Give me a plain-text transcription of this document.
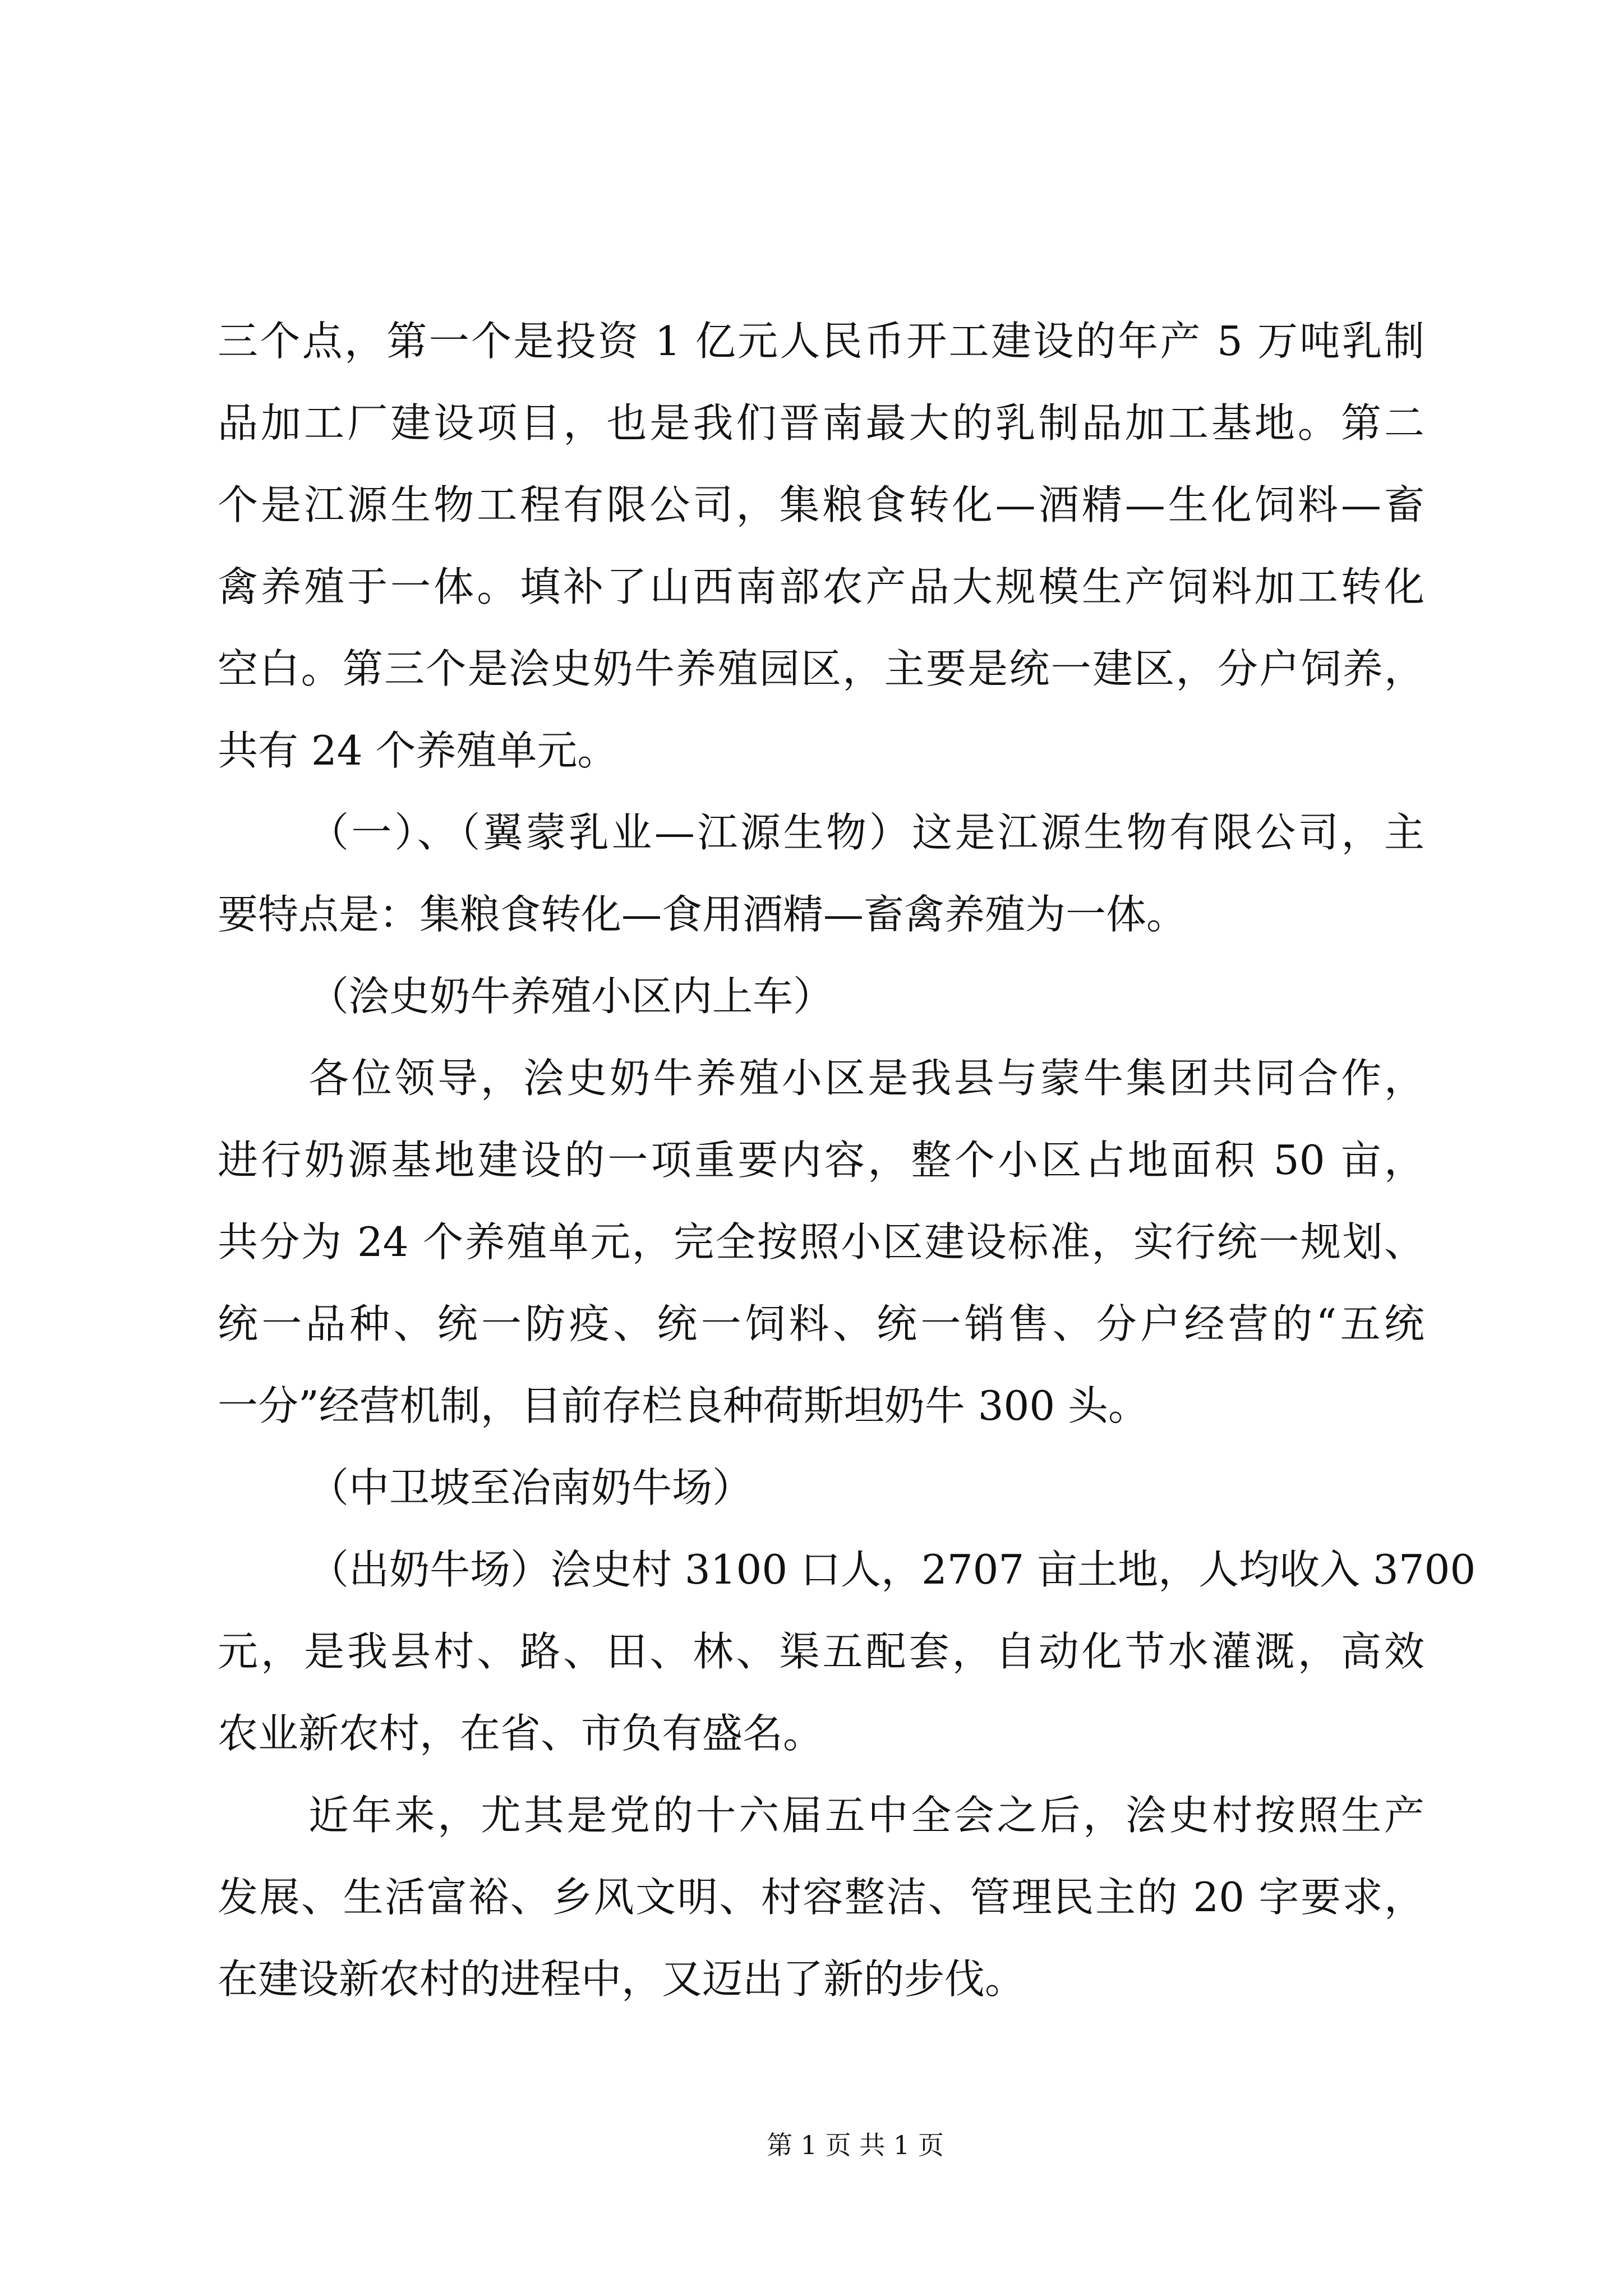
三个点，第一个是投资 1 亿元人民币开工建设的年产 5 万吨乳制
品加工厂建设项目，也是我们晋南最大的乳制品加工基地。第二
个是江源生物工程有限公司，集粮食转化—酒精—生化饲料—畜
禽养殖于一体。填补了山西南部农产品大规模生产饲料加工转化
空白。第三个是浍史奶牛养殖园区，主要是统一建区，分户饲养，
共有 24 个养殖单元。
（一）、（翼蒙乳业—江源生物）这是江源生物有限公司，主
要特点是：集粮食转化—食用酒精—畜禽养殖为一体。
（浍史奶牛养殖小区内上车）
各位领导，浍史奶牛养殖小区是我县与蒙牛集团共同合作，
进行奶源基地建设的一项重要内容，整个小区占地面积 50 亩，
共分为 24 个养殖单元，完全按照小区建设标准，实行统一规划、
统一品种、统一防疫、统一饲料、统一销售、分户经营的“五统
一分”经营机制，目前存栏良种荷斯坦奶牛 300 头。
（中卫坡至冶南奶牛场）
（出奶牛场）浍史村 3100 口人，2707 亩土地，人均收入 3700
元，是我县村、路、田、林、渠五配套，自动化节水灌溉，高效
农业新农村，在省、市负有盛名。
近年来，尤其是党的十六届五中全会之后，浍史村按照生产
发展、生活富裕、乡风文明、村容整洁、管理民主的 20 字要求，
在建设新农村的进程中，又迈出了新的步伐。
第 1 页 共 1 页
